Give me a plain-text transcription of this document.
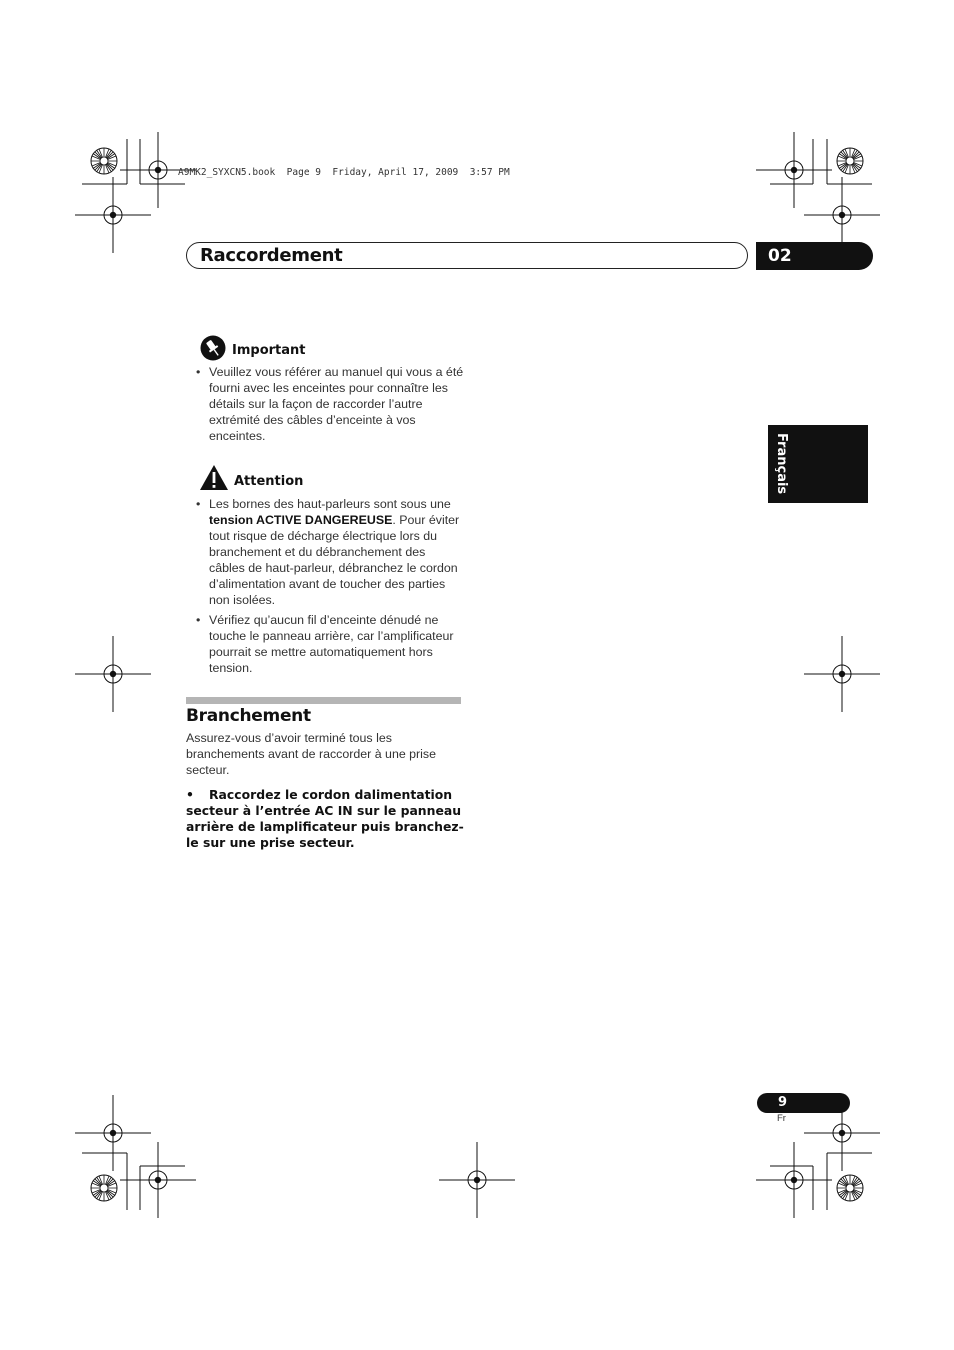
A9MK2_SYXCN5.book  Page 9  Friday, April 17, 2009  3:57 PM
Raccordement	02
Français
Important
• Veuillez vous référer au manuel qui vous a été fourni avec les enceintes pour connaître les détails sur la façon de raccorder l’autre extrémité des câbles d’enceinte à vos enceintes.
Attention
• Les bornes des haut-parleurs sont sous une tension ACTIVE DANGEREUSE. Pour éviter tout risque de décharge électrique lors du branchement et du débranchement des câbles de haut-parleur, débranchez le cordon d’alimentation avant de toucher des parties non isolées.
• Vérifiez qu’aucun fil d’enceinte dénudé ne touche le panneau arrière, car l’amplificateur pourrait se mettre automatiquement hors tension.
Branchement

Assurez-vous d’avoir terminé tous les branchements avant de raccorder à une prise secteur.

• Raccordez le cordon dalimentation secteur à l’entrée AC IN sur le panneau arrière de lamplificateur puis branchez-le sur une prise secteur.

9
Fr
